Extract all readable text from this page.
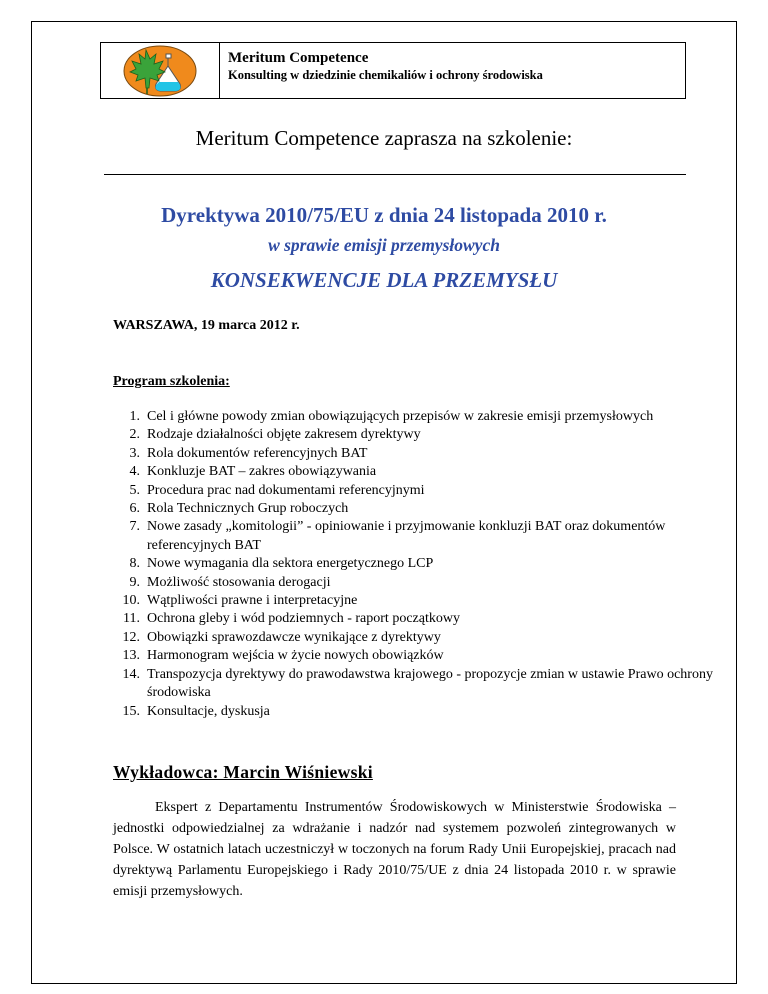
Meritum Competence
Konsulting w dziedzinie chemikaliów i ochrony środowiska
Meritum Competence zaprasza na szkolenie:
Dyrektywa 2010/75/EU z dnia 24 listopada 2010 r.
w sprawie emisji przemysłowych
KONSEKWENCJE DLA PRZEMYSŁU
WARSZAWA, 19 marca 2012 r.
Program szkolenia:
1. Cel i główne powody zmian obowiązujących przepisów w zakresie emisji przemysłowych
2. Rodzaje działalności objęte zakresem dyrektywy
3. Rola dokumentów referencyjnych BAT
4. Konkluzje BAT – zakres obowiązywania
5. Procedura prac nad dokumentami referencyjnymi
6. Rola Technicznych Grup roboczych
7. Nowe zasady „komitologii” - opiniowanie i przyjmowanie konkluzji BAT oraz dokumentów referencyjnych BAT
8. Nowe wymagania dla sektora energetycznego LCP
9. Możliwość stosowania derogacji
10. Wątpliwości prawne i interpretacyjne
11. Ochrona gleby i wód podziemnych - raport początkowy
12. Obowiązki sprawozdawcze wynikające z dyrektywy
13. Harmonogram wejścia w życie nowych obowiązków
14. Transpozycja dyrektywy do prawodawstwa krajowego - propozycje zmian w ustawie Prawo ochrony środowiska
15. Konsultacje, dyskusja
Wykładowca: Marcin Wiśniewski
Ekspert z Departamentu Instrumentów Środowiskowych w Ministerstwie Środowiska – jednostki odpowiedzialnej za wdrażanie i nadzór nad systemem pozwoleń zintegrowanych w Polsce. W ostatnich latach uczestniczył w toczonych na forum Rady Unii Europejskiej, pracach nad dyrektywą Parlamentu Europejskiego i Rady 2010/75/UE z dnia 24 listopada 2010 r. w sprawie emisji przemysłowych.
